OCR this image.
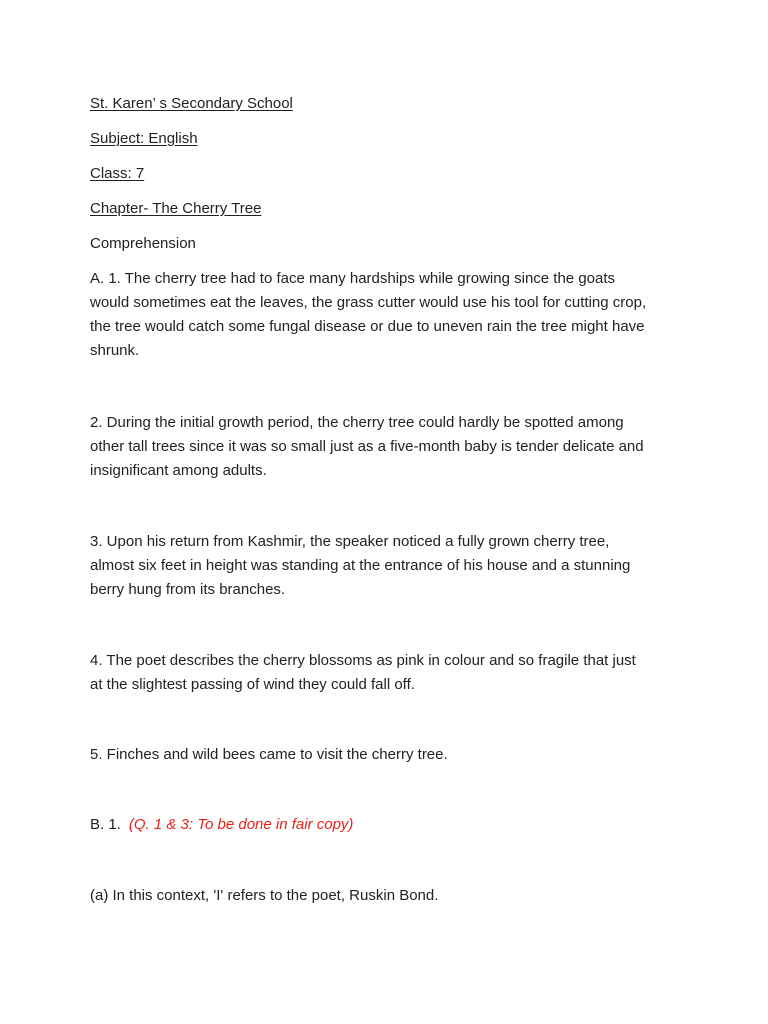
St. Karen’ s Secondary School
Subject: English
Class: 7
Chapter- The Cherry Tree
Comprehension
A. 1. The cherry tree had to face many hardships while growing since the goats
would sometimes eat the leaves, the grass cutter would use his tool for cutting crop,
the tree would catch some fungal disease or due to uneven rain the tree might have
shrunk.
2. During the initial growth period, the cherry tree could hardly be spotted among
other tall trees since it was so small just as a five-month baby is tender delicate and
insignificant among adults.
3. Upon his return from Kashmir, the speaker noticed a fully grown cherry tree,
almost six feet in height was standing at the entrance of his house and a stunning
berry hung from its branches.
4. The poet describes the cherry blossoms as pink in colour and so fragile that just
at the slightest passing of wind they could fall off.
5. Finches and wild bees came to visit the cherry tree.
B. 1. (Q. 1 & 3: To be done in fair copy)
(a) In this context, 'I' refers to the poet, Ruskin Bond.
